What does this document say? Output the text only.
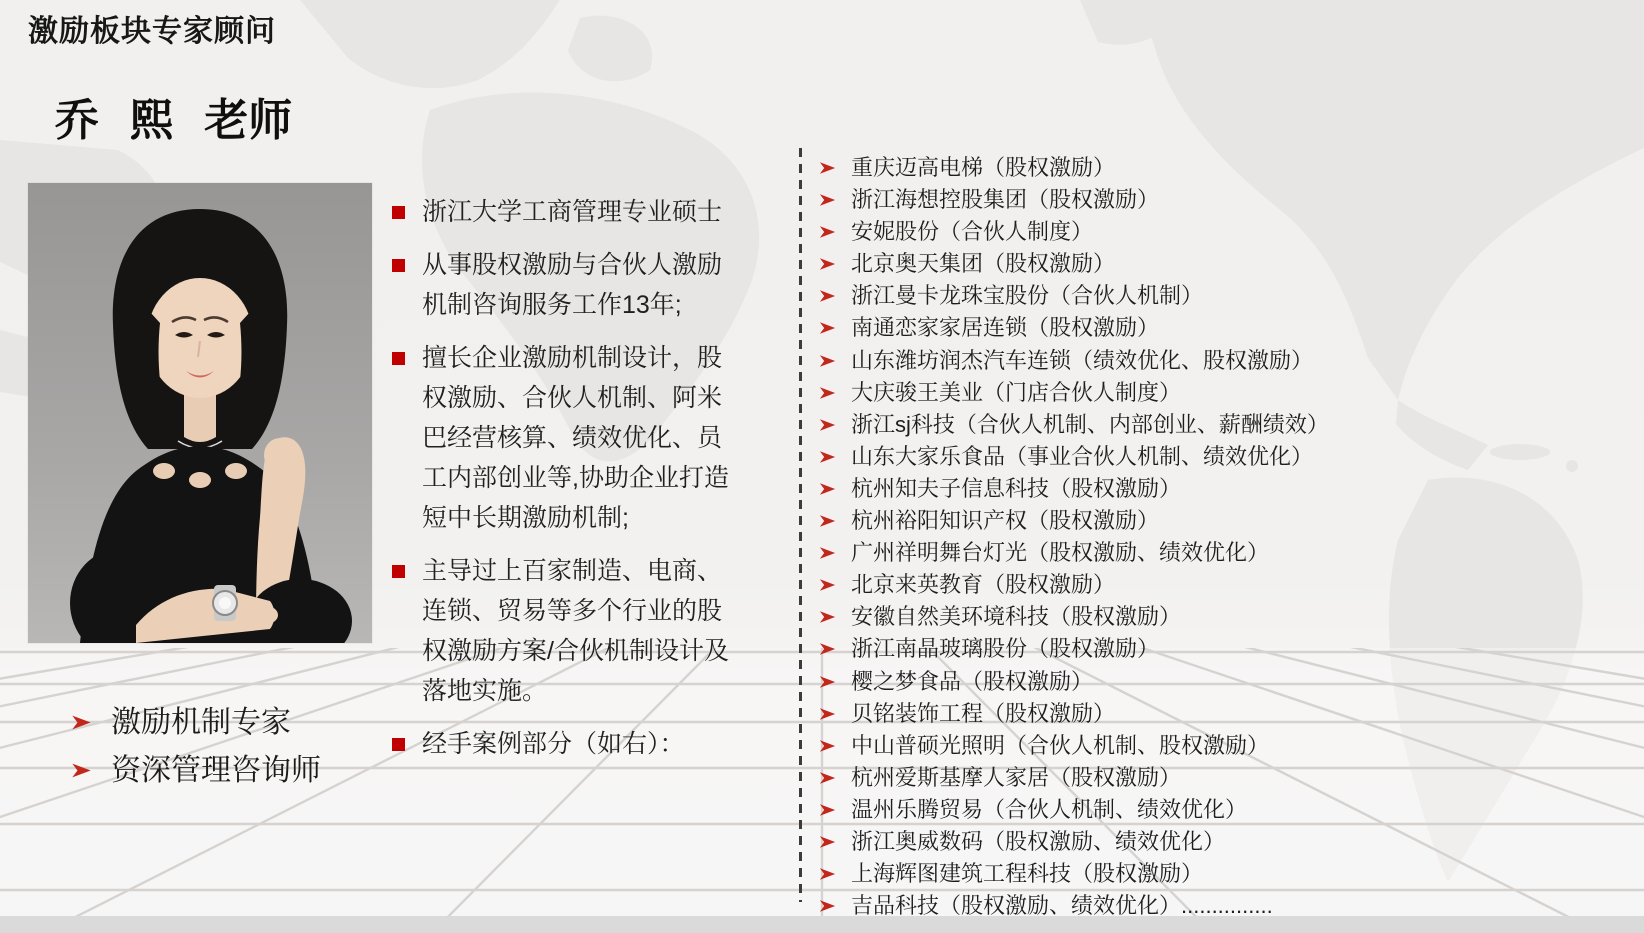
激励板块专家顾问
乔  熙  老师
浙江大学工商管理专业硕士
从事股权激励与合伙人激励机制咨询服务工作13年;
擅长企业激励机制设计，股权激励、合伙人机制、阿米巴经营核算、绩效优化、员工内部创业等,协助企业打造短中长期激励机制;
主导过上百家制造、电商、连锁、贸易等多个行业的股权激励方案/合伙机制设计及落地实施。
经手案例部分（如右）：
重庆迈高电梯（股权激励）
浙江海想控股集团（股权激励）
安妮股份（合伙人制度）
北京奥天集团（股权激励）
浙江曼卡龙珠宝股份（合伙人机制）
南通恋家家居连锁（股权激励）
山东潍坊润杰汽车连锁（绩效优化、股权激励）
大庆骏王美业（门店合伙人制度）
浙江sj科技（合伙人机制、内部创业、薪酬绩效）
山东大家乐食品（事业合伙人机制、绩效优化）
杭州知夫子信息科技（股权激励）
杭州裕阳知识产权（股权激励）
广州祥明舞台灯光（股权激励、绩效优化）
北京来英教育（股权激励）
安徽自然美环境科技（股权激励）
浙江南晶玻璃股份（股权激励）
樱之梦食品（股权激励）
贝铭装饰工程（股权激励）
中山普硕光照明（合伙人机制、股权激励）
杭州爱斯基摩人家居（股权激励）
温州乐腾贸易（合伙人机制、绩效优化）
浙江奥威数码（股权激励、绩效优化）
上海辉图建筑工程科技（股权激励）
吉品科技（股权激励、绩效优化）...............
激励机制专家
资深管理咨询师
